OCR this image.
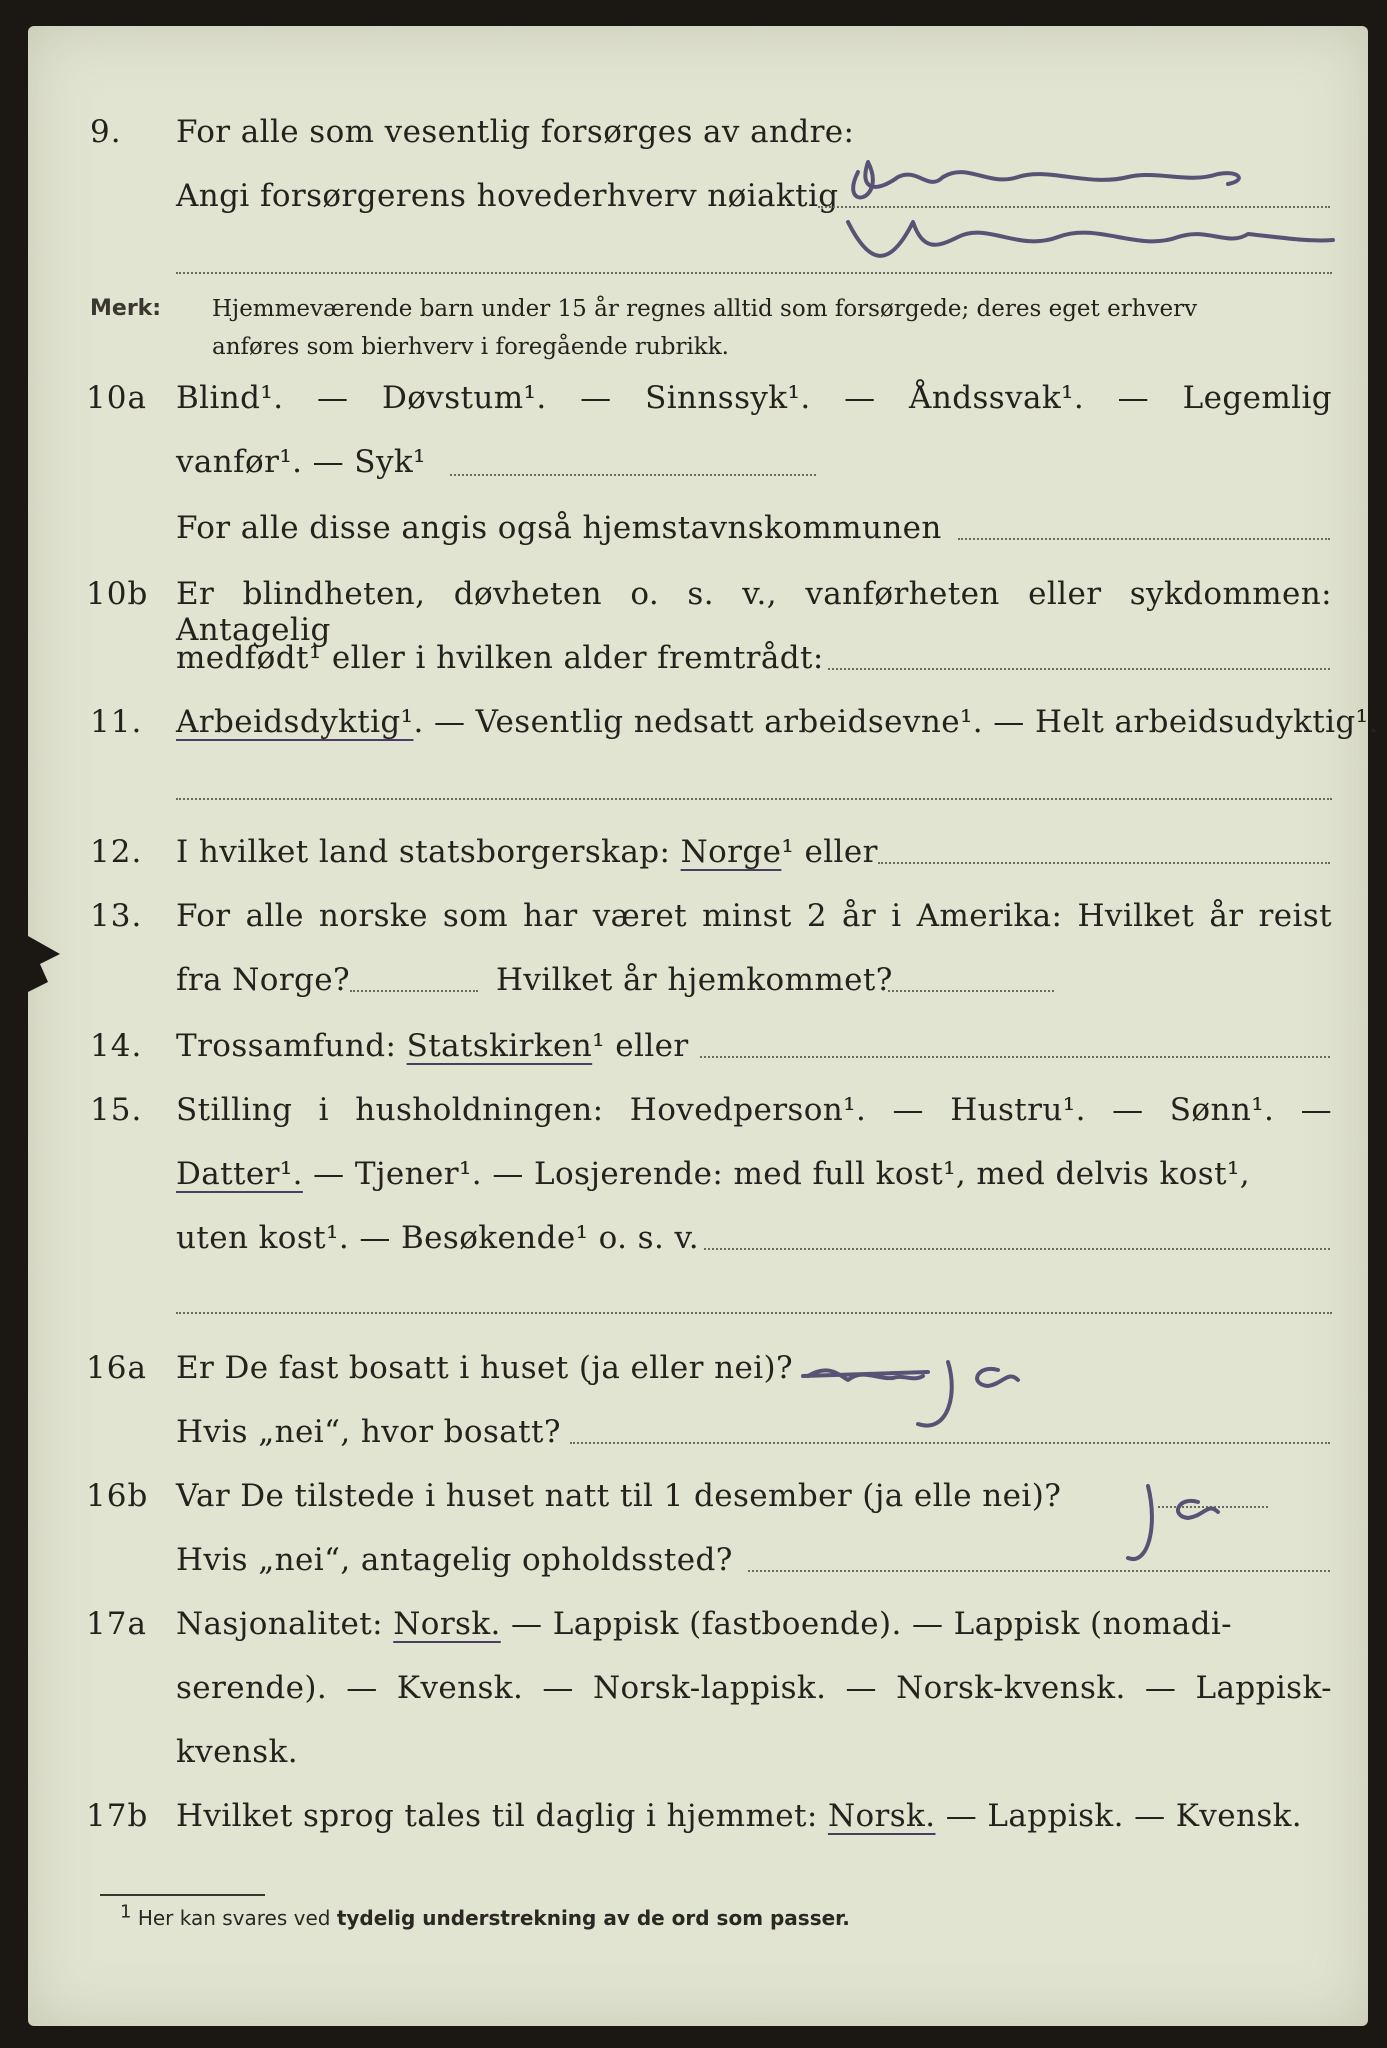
9. For alle som vesentlig forsørges av andre:
Angi forsørgerens hovederhverv nøiaktig
Merk: Hjemmeværende barn under 15 år regnes alltid som forsørgede; deres eget erhverv
anføres som bierhverv i foregående rubrikk.
10a Blind¹. — Døvstum¹. — Sinnssyk¹. — Åndssvak¹. — Legemlig
vanfør¹. — Syk¹
For alle disse angis også hjemstavnskommunen
10b Er blindheten, døvheten o. s. v., vanførheten eller sykdommen: Antagelig
medfødt¹ eller i hvilken alder fremtrådt:
11. Arbeidsdyktig¹. — Vesentlig nedsatt arbeidsevne¹. — Helt arbeidsudyktig¹.
12. I hvilket land statsborgerskap: Norge¹ eller
13. For alle norske som har været minst 2 år i Amerika: Hvilket år reist
fra Norge?	Hvilket år hjemkommet?
14. Trossamfund: Statskirken¹ eller
15. Stilling i husholdningen: Hovedperson¹. — Hustru¹. — Sønn¹. —
Datter¹. — Tjener¹. — Losjerende: med full kost¹, med delvis kost¹,
uten kost¹. — Besøkende¹ o. s. v.
16a Er De fast bosatt i huset (ja eller nei)?
Hvis „nei“, hvor bosatt?
16b Var De tilstede i huset natt til 1 desember (ja elle nei)?
Hvis „nei“, antagelig opholdssted?
17a Nasjonalitet: Norsk. — Lappisk (fastboende). — Lappisk (nomadi-
serende). — Kvensk. — Norsk-lappisk. — Norsk-kvensk. — Lappisk-
kvensk.
17b Hvilket sprog tales til daglig i hjemmet: Norsk. — Lappisk. — Kvensk.
1 Her kan svares ved tydelig understrekning av de ord som passer.
